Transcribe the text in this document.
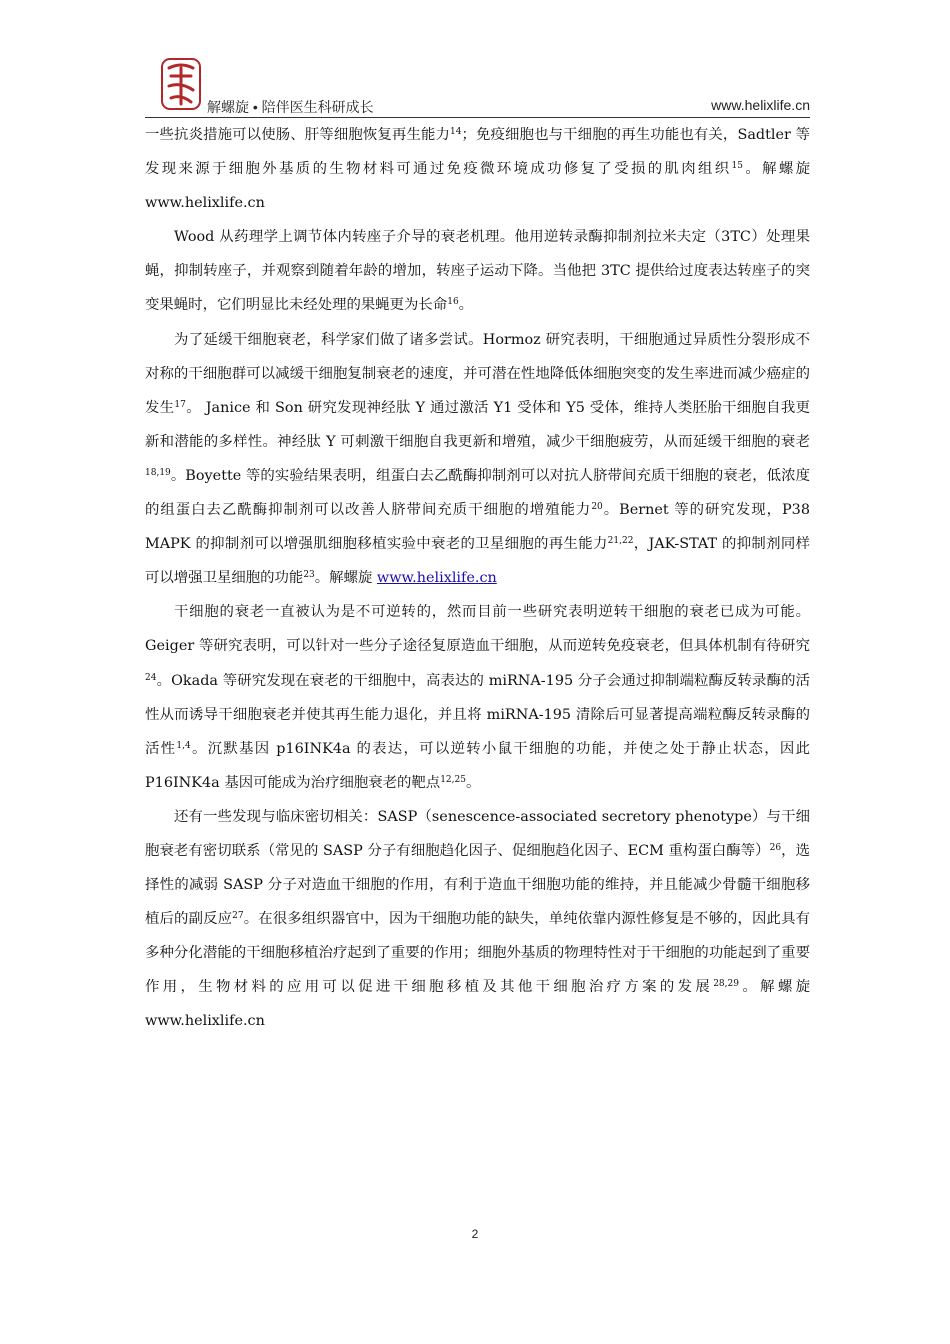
解螺旋 • 陪伴医生科研成长	www.helixlife.cn

一些抗炎措施可以使肠、肝等细胞恢复再生能力$^{14}$；免疫细胞也与干细胞的再生功能也有关，Sadtler 等发现来源于细胞外基质的生物材料可通过免疫微环境成功修复了受损的肌肉组织$^{15}$。解螺旋 www.helixlife.cn

Wood 从药理学上调节体内转座子介导的衰老机理。他用逆转录酶抑制剂拉米夫定（3TC）处理果蝇，抑制转座子，并观察到随着年龄的增加，转座子运动下降。当他把 3TC 提供给过度表达转座子的突变果蝇时，它们明显比未经处理的果蝇更为长命$^{16}$。

为了延缓干细胞衰老，科学家们做了诸多尝试。Hormoz 研究表明，干细胞通过异质性分裂形成不对称的干细胞群可以减缓干细胞复制衰老的速度，并可潜在性地降低体细胞突变的发生率进而减少癌症的发生$^{17}$。 Janice 和 Son 研究发现神经肽 Y 通过激活 Y1 受体和 Y5 受体，维持人类胚胎干细胞自我更新和潜能的多样性。神经肽 Y 可刺激干细胞自我更新和增殖，减少干细胞疲劳，从而延缓干细胞的衰老$^{18,19}$。Boyette 等的实验结果表明，组蛋白去乙酰酶抑制剂可以对抗人脐带间充质干细胞的衰老，低浓度的组蛋白去乙酰酶抑制剂可以改善人脐带间充质干细胞的增殖能力$^{20}$。Bernet 等的研究发现，P38 MAPK 的抑制剂可以增强肌细胞移植实验中衰老的卫星细胞的再生能力$^{21,22}$，JAK-STAT 的抑制剂同样可以增强卫星细胞的功能$^{23}$。解螺旋 www.helixlife.cn

干细胞的衰老一直被认为是不可逆转的，然而目前一些研究表明逆转干细胞的衰老已成为可能。Geiger 等研究表明，可以针对一些分子途径复原造血干细胞，从而逆转免疫衰老，但具体机制有待研究$^{24}$。Okada 等研究发现在衰老的干细胞中，高表达的 miRNA-195 分子会通过抑制端粒酶反转录酶的活性从而诱导干细胞衰老并使其再生能力退化，并且将 miRNA-195 清除后可显著提高端粒酶反转录酶的活性$^{1,4}$。沉默基因 p16INK4a 的表达，可以逆转小鼠干细胞的功能，并使之处于静止状态，因此 P16INK4a 基因可能成为治疗细胞衰老的靶点$^{12,25}$。

还有一些发现与临床密切相关：SASP（senescence-associated secretory phenotype）与干细胞衰老有密切联系（常见的 SASP 分子有细胞趋化因子、促细胞趋化因子、ECM 重构蛋白酶等）$^{26}$，选择性的减弱 SASP 分子对造血干细胞的作用，有利于造血干细胞功能的维持，并且能减少骨髓干细胞移植后的副反应$^{27}$。在很多组织器官中，因为干细胞功能的缺失，单纯依靠内源性修复是不够的，因此具有多种分化潜能的干细胞移植治疗起到了重要的作用；细胞外基质的物理特性对于干细胞的功能起到了重要作用，生物材料的应用可以促进干细胞移植及其他干细胞治疗方案的发展$^{28,29}$。解螺旋 www.helixlife.cn

2
